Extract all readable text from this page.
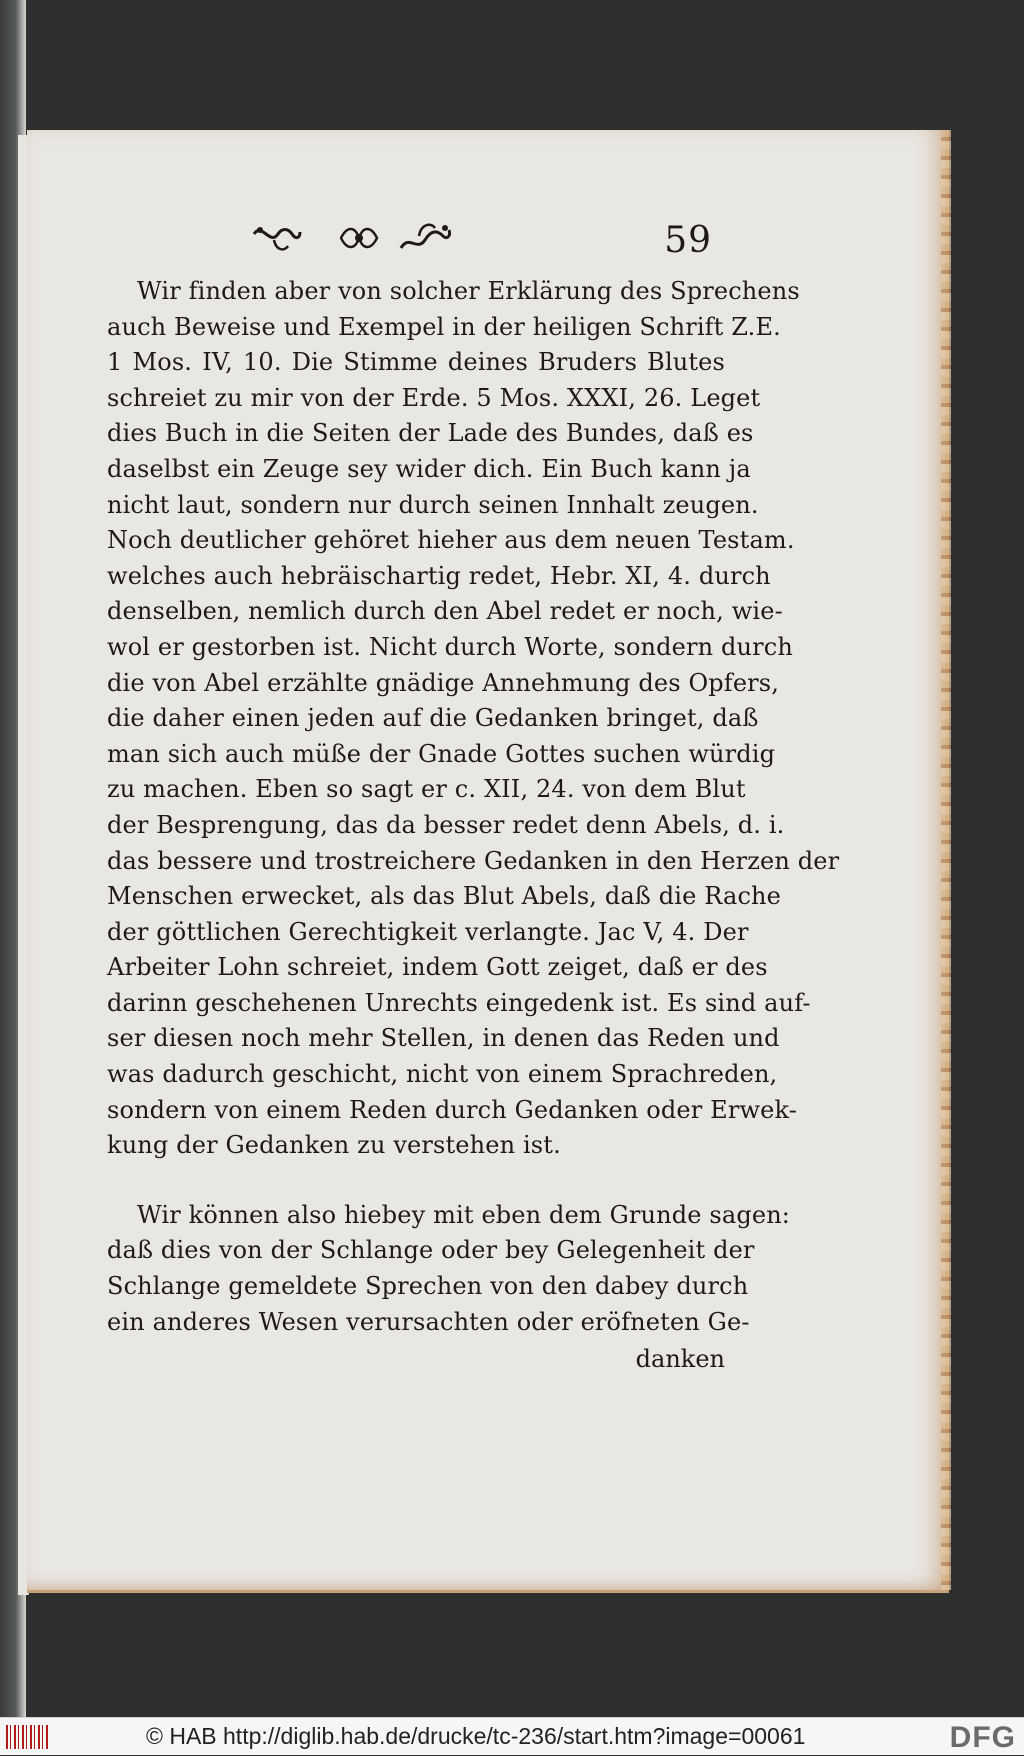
59
Wir finden aber von solcher Erklärung des Sprechens
auch Beweise und Exempel in der heiligen Schrift Z.E.
1 Mos. IV, 10. Die Stimme deines Bruders Blutes
schreiet zu mir von der Erde. 5 Mos. XXXI, 26. Leget
dies Buch in die Seiten der Lade des Bundes, daß es
daselbst ein Zeuge sey wider dich. Ein Buch kann ja
nicht laut, sondern nur durch seinen Innhalt zeugen.
Noch deutlicher gehöret hieher aus dem neuen Testam.
welches auch hebräischartig redet, Hebr. XI, 4. durch
denselben, nemlich durch den Abel redet er noch, wie-
wol er gestorben ist. Nicht durch Worte, sondern durch
die von Abel erzählte gnädige Annehmung des Opfers,
die daher einen jeden auf die Gedanken bringet, daß
man sich auch müße der Gnade Gottes suchen würdig
zu machen. Eben so sagt er c. XII, 24. von dem Blut
der Besprengung, das da besser redet denn Abels, d. i.
das bessere und trostreichere Gedanken in den Herzen der
Menschen erwecket, als das Blut Abels, daß die Rache
der göttlichen Gerechtigkeit verlangte. Jac V, 4. Der
Arbeiter Lohn schreiet, indem Gott zeiget, daß er des
darinn geschehenen Unrechts eingedenk ist. Es sind auf-
ser diesen noch mehr Stellen, in denen das Reden und
was dadurch geschicht, nicht von einem Sprachreden,
sondern von einem Reden durch Gedanken oder Erwek-
kung der Gedanken zu verstehen ist.
Wir können also hiebey mit eben dem Grunde sagen:
daß dies von der Schlange oder bey Gelegenheit der
Schlange gemeldete Sprechen von den dabey durch
ein anderes Wesen verursachten oder eröfneten Ge-
danken
© HAB http://diglib.hab.de/drucke/tc-236/start.htm?image=00061	DFG
